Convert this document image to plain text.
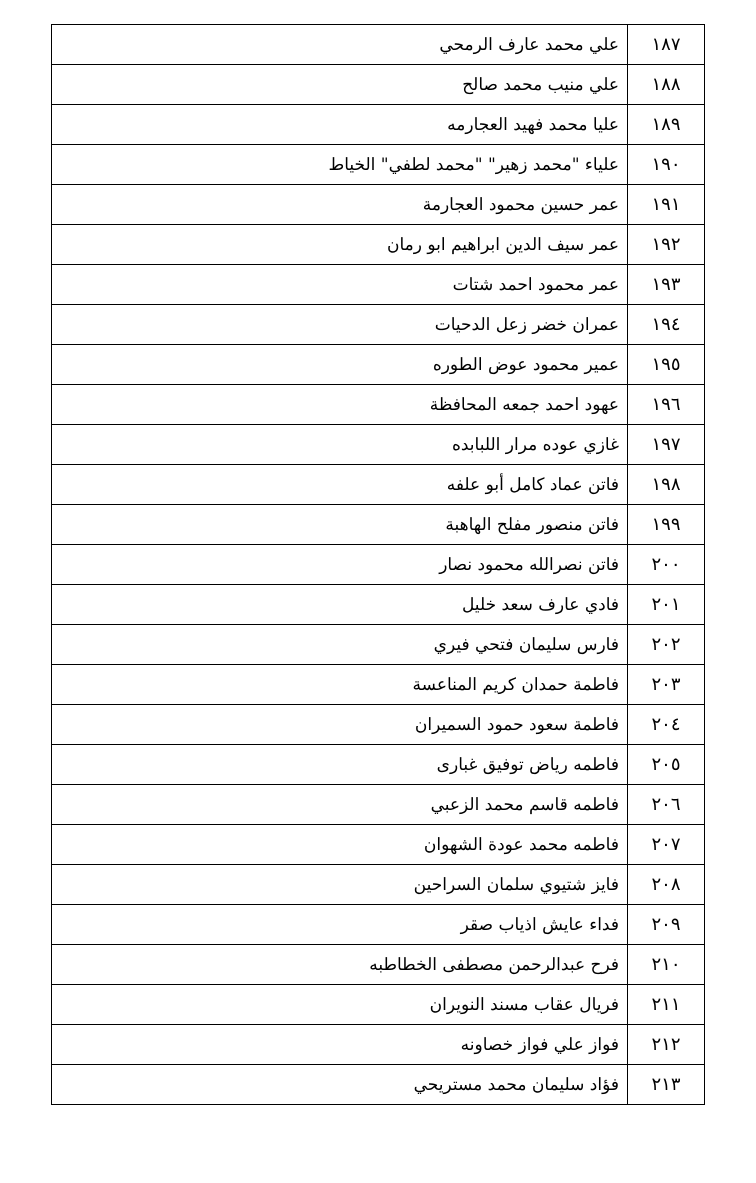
١٨٧	علي محمد عارف الرمحي
١٨٨	علي منيب محمد صالح
١٨٩	عليا محمد فهيد العجارمه
١٩٠	علياء "محمد زهير" "محمد لطفي" الخياط
١٩١	عمر حسين محمود العجارمة
١٩٢	عمر سيف الدين ابراهيم ابو رمان
١٩٣	عمر محمود احمد شتات
١٩٤	عمران خضر زعل الدحيات
١٩٥	عمير محمود عوض الطوره
١٩٦	عهود احمد جمعه المحافظة
١٩٧	غازي عوده مرار اللبابده
١٩٨	فاتن عماد كامل أبو علفه
١٩٩	فاتن منصور مفلح الهاهبة
٢٠٠	فاتن نصرالله محمود نصار
٢٠١	فادي عارف سعد خليل
٢٠٢	فارس سليمان فتحي فيري
٢٠٣	فاطمة حمدان كريم المناعسة
٢٠٤	فاطمة سعود حمود السميران
٢٠٥	فاطمه رياض توفيق غبارى
٢٠٦	فاطمه قاسم محمد الزعبي
٢٠٧	فاطمه محمد عودة الشهوان
٢٠٨	فايز شتيوي سلمان السراحين
٢٠٩	فداء عايش اذياب صقر
٢١٠	فرح عبدالرحمن مصطفى الخطاطبه
٢١١	فريال عقاب مسند النويران
٢١٢	فواز علي فواز خصاونه
٢١٣	فؤاد سليمان محمد مستريحي
